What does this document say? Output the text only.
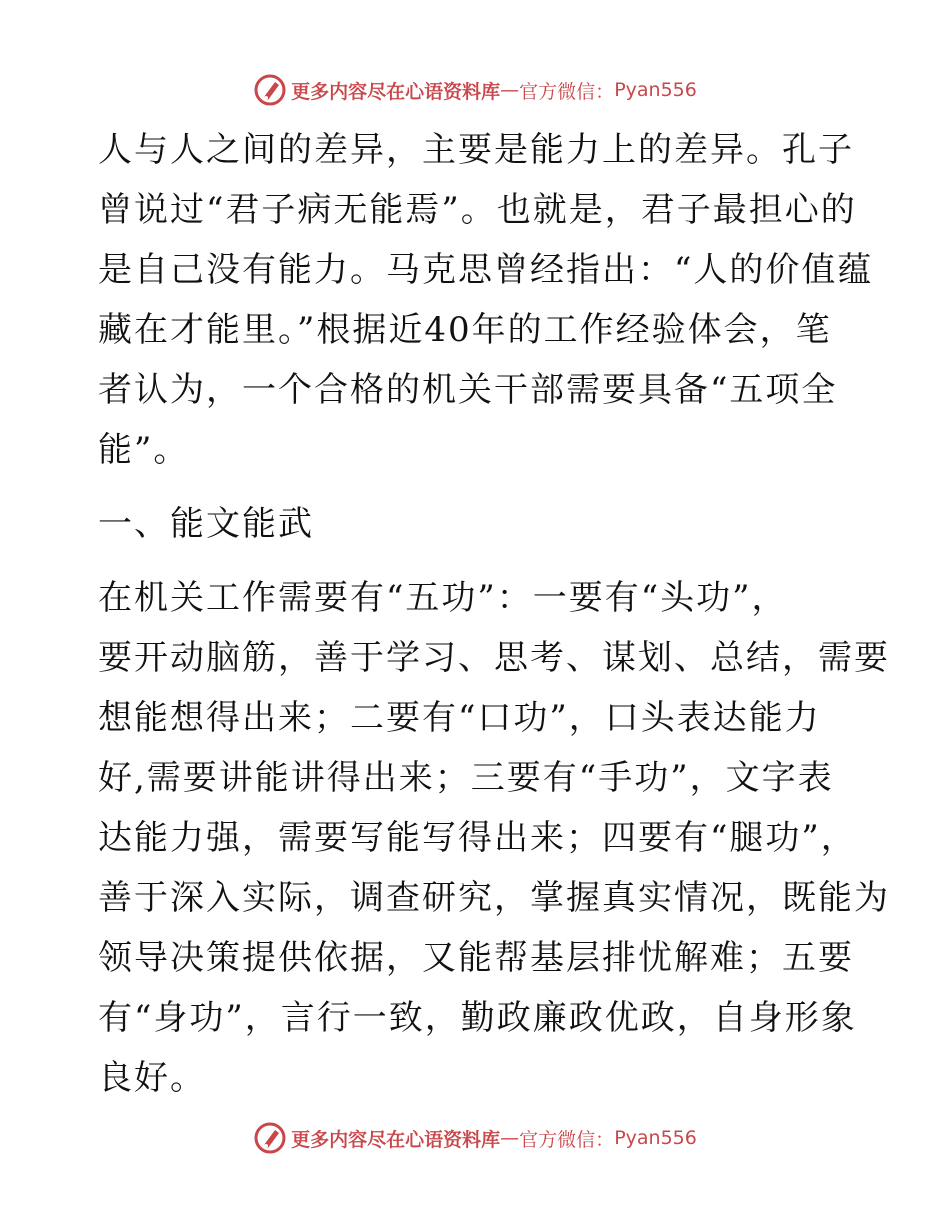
更多内容尽在心语资料库 — 官方微信： Pyan556
人与人之间的差异，主要是能力上的差异。孔子
曾说过“君子病无能焉”。也就是，君子最担心的
是自己没有能力。马克思曾经指出：“人的价值蕴
藏在才能里。”根据近40年的工作经验体会，笔
者认为，一个合格的机关干部需要具备“五项全
能”。
一、能文能武
在机关工作需要有“五功”：一要有“头功”，
要开动脑筋，善于学习、思考、谋划、总结，需要
想能想得出来；二要有“口功”，口头表达能力
好,需要讲能讲得出来；三要有“手功”，文字表
达能力强，需要写能写得出来；四要有“腿功”，
善于深入实际，调查研究，掌握真实情况，既能为
领导决策提供依据，又能帮基层排忧解难；五要
有“身功”，言行一致，勤政廉政优政，自身形象
良好。
更多内容尽在心语资料库 — 官方微信： Pyan556
